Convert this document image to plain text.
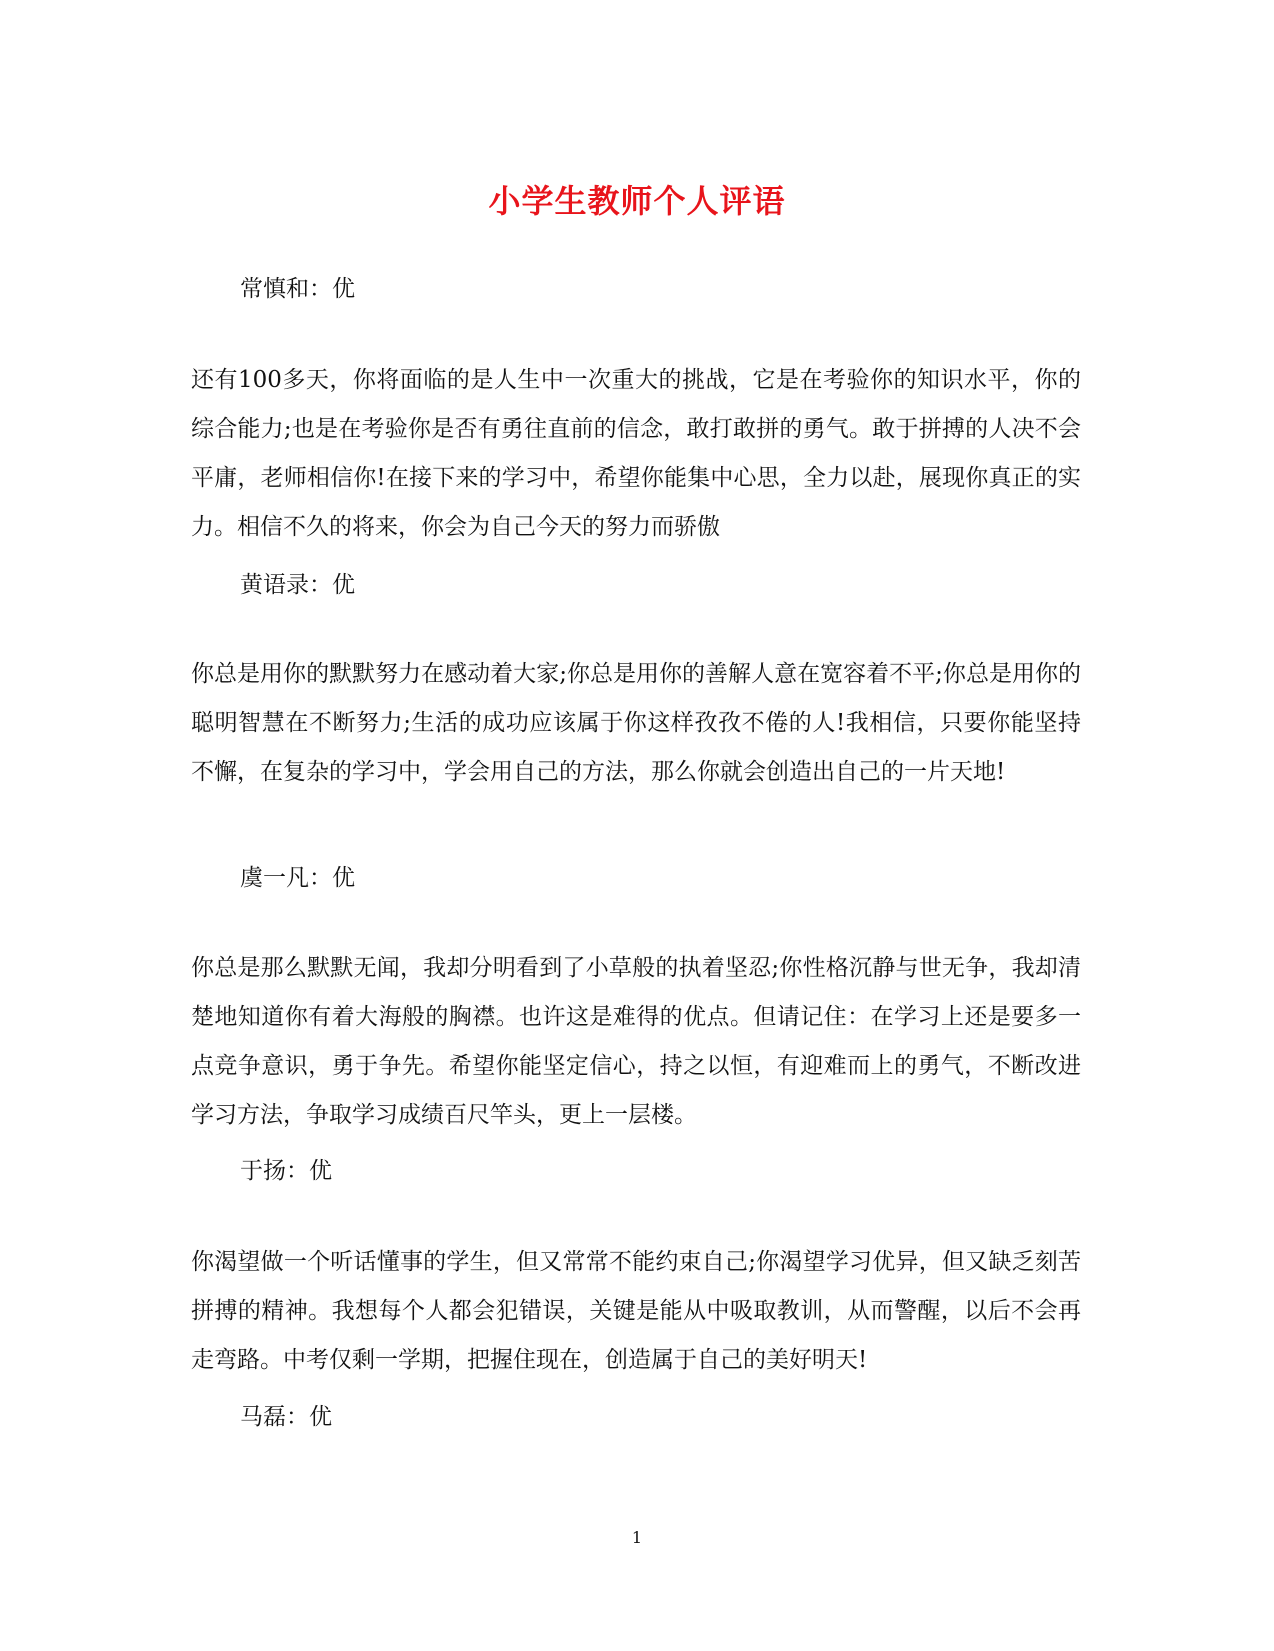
小学生教师个人评语
常慎和：优
还有100多天，你将面临的是人生中一次重大的挑战，它是在考验你的知识水平，你的综合能力;也是在考验你是否有勇往直前的信念，敢打敢拼的勇气。敢于拼搏的人决不会平庸，老师相信你!在接下来的学习中，希望你能集中心思，全力以赴，展现你真正的实力。相信不久的将来，你会为自己今天的努力而骄傲
黄语录：优
你总是用你的默默努力在感动着大家;你总是用你的善解人意在宽容着不平;你总是用你的聪明智慧在不断努力;生活的成功应该属于你这样孜孜不倦的人!我相信，只要你能坚持不懈，在复杂的学习中，学会用自己的方法，那么你就会创造出自己的一片天地!
虞一凡：优
你总是那么默默无闻，我却分明看到了小草般的执着坚忍;你性格沉静与世无争，我却清楚地知道你有着大海般的胸襟。也许这是难得的优点。但请记住：在学习上还是要多一点竞争意识，勇于争先。希望你能坚定信心，持之以恒，有迎难而上的勇气，不断改进学习方法，争取学习成绩百尺竿头，更上一层楼。
于扬：优
你渴望做一个听话懂事的学生，但又常常不能约束自己;你渴望学习优异，但又缺乏刻苦拼搏的精神。我想每个人都会犯错误，关键是能从中吸取教训，从而警醒，以后不会再走弯路。中考仅剩一学期，把握住现在，创造属于自己的美好明天!
马磊：优
1
